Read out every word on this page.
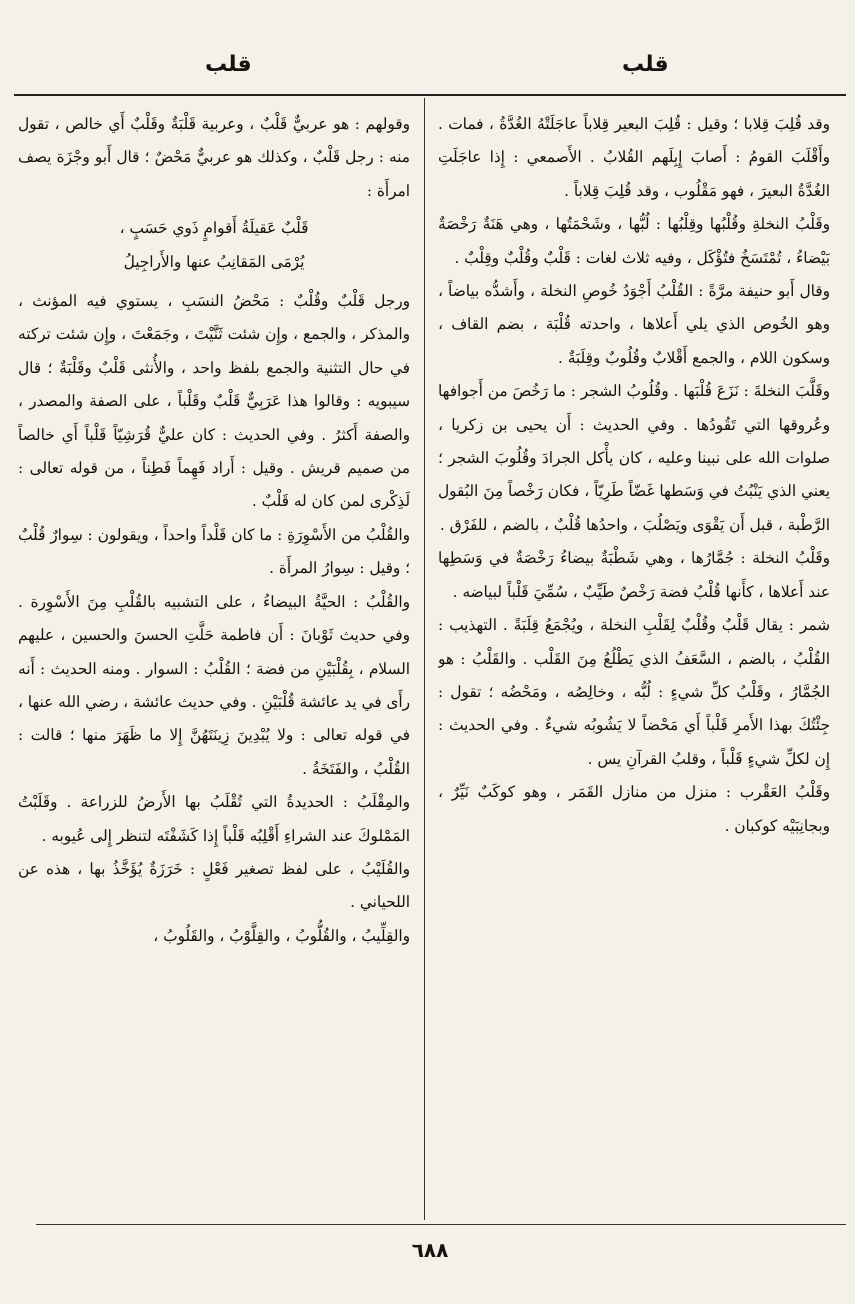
قلب	قلب

وقد قُلِبَ قِلابا ؛ وقيل : قُلِبَ البعير قِلاباً عاجَلَتْهُ الغُدَّةُ ، فمات . وأَقْلَبَ القومُ : أَصابَ إِبِلَهم القُلابُ . الأَصمعي : إِذا عاجَلَتِ الغُدَّةُ البعيرَ ، فهو مَقْلُوب ، وقد قُلِبَ قِلاباً .

وقَلْبُ النخلةِ وقُلْبُها وقِلْبُها : لُبُّها ، وشَحْمَتُها ، وهي هَنَةٌ رَخْصَةٌ بَيْضاءُ ، تُمْتَسَخُ فتُؤْكَل ، وفيه ثلاث لغات : قَلْبٌ وقُلْبٌ وقِلْبٌ .

وقال أَبو حنيفة مرَّةً : القُلْبُ أَجْوَدُ خُوصِ النخلة ، وأَشدُّه بياضاً ، وهو الخُوص الذي يلي أَعلاها ، واحدته قُلْبَة ، بضم القاف ، وسكون اللام ، والجمع أَقْلابٌ وقُلُوبٌ وقِلَبَةٌ .

وقَلَّبَ النخلةَ : نَزَعَ قُلْبَها . وقُلُوبُ الشجر : ما رَخُصَ من أَجوافها وعُروقها التي تَقُودُها . وفي الحديث : أَن يحيى بن زكريا ، صلوات الله على نبينا وعليه ، كان يأْكل الجرادَ وقُلُوبَ الشجر ؛ يعني الذي يَنْبُتُ في وَسَطها غَضّاً طَرِيّاً ، فكان رَخْصاً مِنَ البُقول الرَّطْبة ، قبل أَن يَقْوَى ويَصْلُبَ ، واحدُها قُلْبٌ ، بالضم ، للفَرْق .

وقَلْبُ النخلة : جُمَّارُها ، وهي شَطْبَةٌ بيضاءُ رَخْصَةٌ في وَسَطِها عند أَعلاها ، كأَنها قُلْبُ فضة رَخْصٌ طَيِّبٌ ، سُمِّيَ قَلْباً لبياضه .

شمر : يقال قَلْبٌ وقُلْبٌ لِقَلْبِ النخلة ، ويُجْمَعُ قِلَبَةً . التهذيب : القُلْبُ ، بالضم ، السَّعَفُ الذي يَطْلُعُ مِنَ القَلْب . والقَلْبُ : هو الجُمَّارُ ، وقَلْبُ كلِّ شيءٍ : لُبُّه ، وخالِصُه ، ومَحْضُه ؛ تقول : جِئْتُكَ بهذا الأَمرِ قَلْباً أَي مَحْضاً لا يَشُوبُه شيءٌ . وفي الحديث : إِن لكلِّ شيءٍ قَلْباً ، وقلبُ القرآنِ يس .

وقَلْبُ العَقْرب : منزل من منازل القَمَر ، وهو كوكَبٌ نَيِّرٌ ، وبجانِبَيْه كوكبان .

وقولهم : هو عربيٌّ قَلْبٌ ، وعربية قَلْبَةٌ وقَلْبٌ أَي خالص ، تقول منه : رجل قَلْبٌ ، وكذلك هو عربيٌّ مَحْضٌ ؛ قال أَبو وجْزَة يصف امرأَة :

قَلْبٌ عَقيلَةُ أَقوامٍ ذَوي حَسَبٍ ،
يُرْمَى المَقانِبُ عنها والأَراجِيلُ

ورجل قَلْبٌ وقُلْبٌ : مَحْضُ النسَبِ ، يستوي فيه المؤنث ، والمذكر ، والجمع ، وإِن شئت ثَنَّيْتَ ، وجَمَعْتَ ، وإِن شئت تركته في حال التثنية والجمع بلفظ واحد ، والأُنثى قَلْبٌ وقَلْبَةٌ ؛ قال سيبويه : وقالوا هذا عَرَبِيٌّ قَلْبٌ وقَلْباً ، على الصفة والمصدر ، والصفة أَكثرُ . وفي الحديث : كان عليٌّ قُرَشِيّاً قَلْباً أَي خالصاً من صميم قريش . وقيل : أَراد فَهِماً فَطِناً ، من قوله تعالى : لَذِكْرى لمن كان له قَلْبٌ .

والقُلْبُ من الأَسْوِرَةِ : ما كان قَلْداً واحداً ، ويقولون : سِوارٌ قُلْبٌ ؛ وقيل : سِوارُ المرأَة .

والقُلْبُ : الحيَّةُ البيضاءُ ، على التشبيه بالقُلْبِ مِنَ الأَسْوِرة . وفي حديث ثَوْبانَ : أَن فاطمة حَلَّتِ الحسنَ والحسين ، عليهم السلام ، بِقُلْبَيْنِ من فضة ؛ القُلْبُ : السوار . ومنه الحديث : أَنه رأَى في يد عائشة قُلْبَيْنِ . وفي حديث عائشة ، رضي الله عنها ، في قوله تعالى : ولا يُبْدِينَ زِينَتَهُنَّ إِلا ما ظَهَرَ منها ؛ قالت : القُلْبُ ، والفَتَخَةُ .

والمِقْلَبُ : الحديدةُ التي تُقْلَبُ بها الأَرضُ للزراعة . وقَلَبْتُ المَمْلوكَ عند الشراءِ أَقْلِبُه قَلْباً إِذا كَشَفْتَه لتنظر إِلى عُيوبه .

والقُلَيْبُ ، على لفظ تصغير فَعْلٍ : خَرَزَةٌ يُؤَخَّذُ بها ، هذه عن اللحياني .

والقِلِّيبُ ، والقُلُّوبُ ، والقِلَّوْبُ ، والقَلُوبُ ،

٦٨٨
